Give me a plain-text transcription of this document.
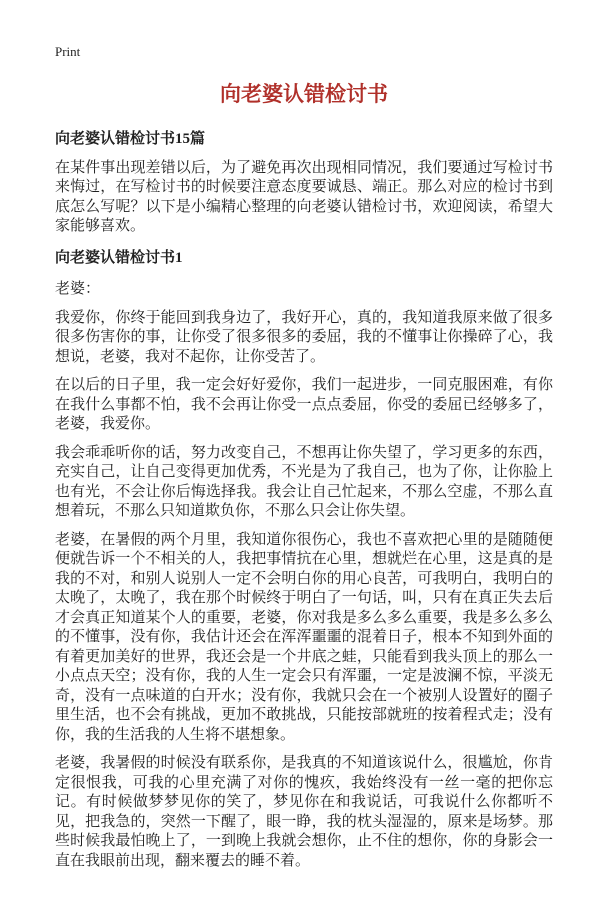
Print
向老婆认错检讨书

向老婆认错检讨书15篇

在某件事出现差错以后，为了避免再次出现相同情况，我们要通过写检讨书来悔过，在写检讨书的时候要注意态度要诚恳、端正。那么对应的检讨书到底怎么写呢？以下是小编精心整理的向老婆认错检讨书，欢迎阅读，希望大家能够喜欢。

向老婆认错检讨书1

老婆：

我爱你，你终于能回到我身边了，我好开心，真的，我知道我原来做了很多很多伤害你的事，让你受了很多很多的委屈，我的不懂事让你操碎了心，我想说，老婆，我对不起你，让你受苦了。

在以后的日子里，我一定会好好爱你，我们一起进步，一同克服困难，有你在我什么事都不怕，我不会再让你受一点点委屈，你受的委屈已经够多了，老婆，我爱你。

我会乖乖听你的话，努力改变自己，不想再让你失望了，学习更多的东西，充实自己，让自己变得更加优秀，不光是为了我自己，也为了你，让你脸上也有光，不会让你后悔选择我。我会让自己忙起来，不那么空虚，不那么直想着玩，不那么只知道欺负你，不那么只会让你失望。

老婆，在暑假的两个月里，我知道你很伤心，我也不喜欢把心里的是随随便便就告诉一个不相关的人，我把事情抗在心里，想就烂在心里，这是真的是我的不对，和别人说别人一定不会明白你的用心良苦，可我明白，我明白的太晚了，太晚了，我在那个时候终于明白了一句话，叫，只有在真正失去后才会真正知道某个人的重要，老婆，你对我是多么多么重要，我是多么多么的不懂事，没有你，我估计还会在浑浑噩噩的混着日子，根本不知到外面的有着更加美好的世界，我还会是一个井底之蛙，只能看到我头顶上的那么一小点点天空；没有你，我的人生一定会只有浑噩，一定是波澜不惊，平淡无奇，没有一点味道的白开水；没有你，我就只会在一个被别人设置好的圈子里生活，也不会有挑战，更加不敢挑战，只能按部就班的按着程式走；没有你，我的生活我的人生将不堪想象。

老婆，我暑假的时候没有联系你，是我真的不知道该说什么，很尴尬，你肯定很恨我，可我的心里充满了对你的愧疚，我始终没有一丝一毫的把你忘记。有时候做梦梦见你的笑了，梦见你在和我说话，可我说什么你都听不见，把我急的，突然一下醒了，眼一睁，我的枕头湿湿的，原来是场梦。那些时候我最怕晚上了，一到晚上我就会想你，止不住的想你，你的身影会一直在我眼前出现，翻来覆去的睡不着。
